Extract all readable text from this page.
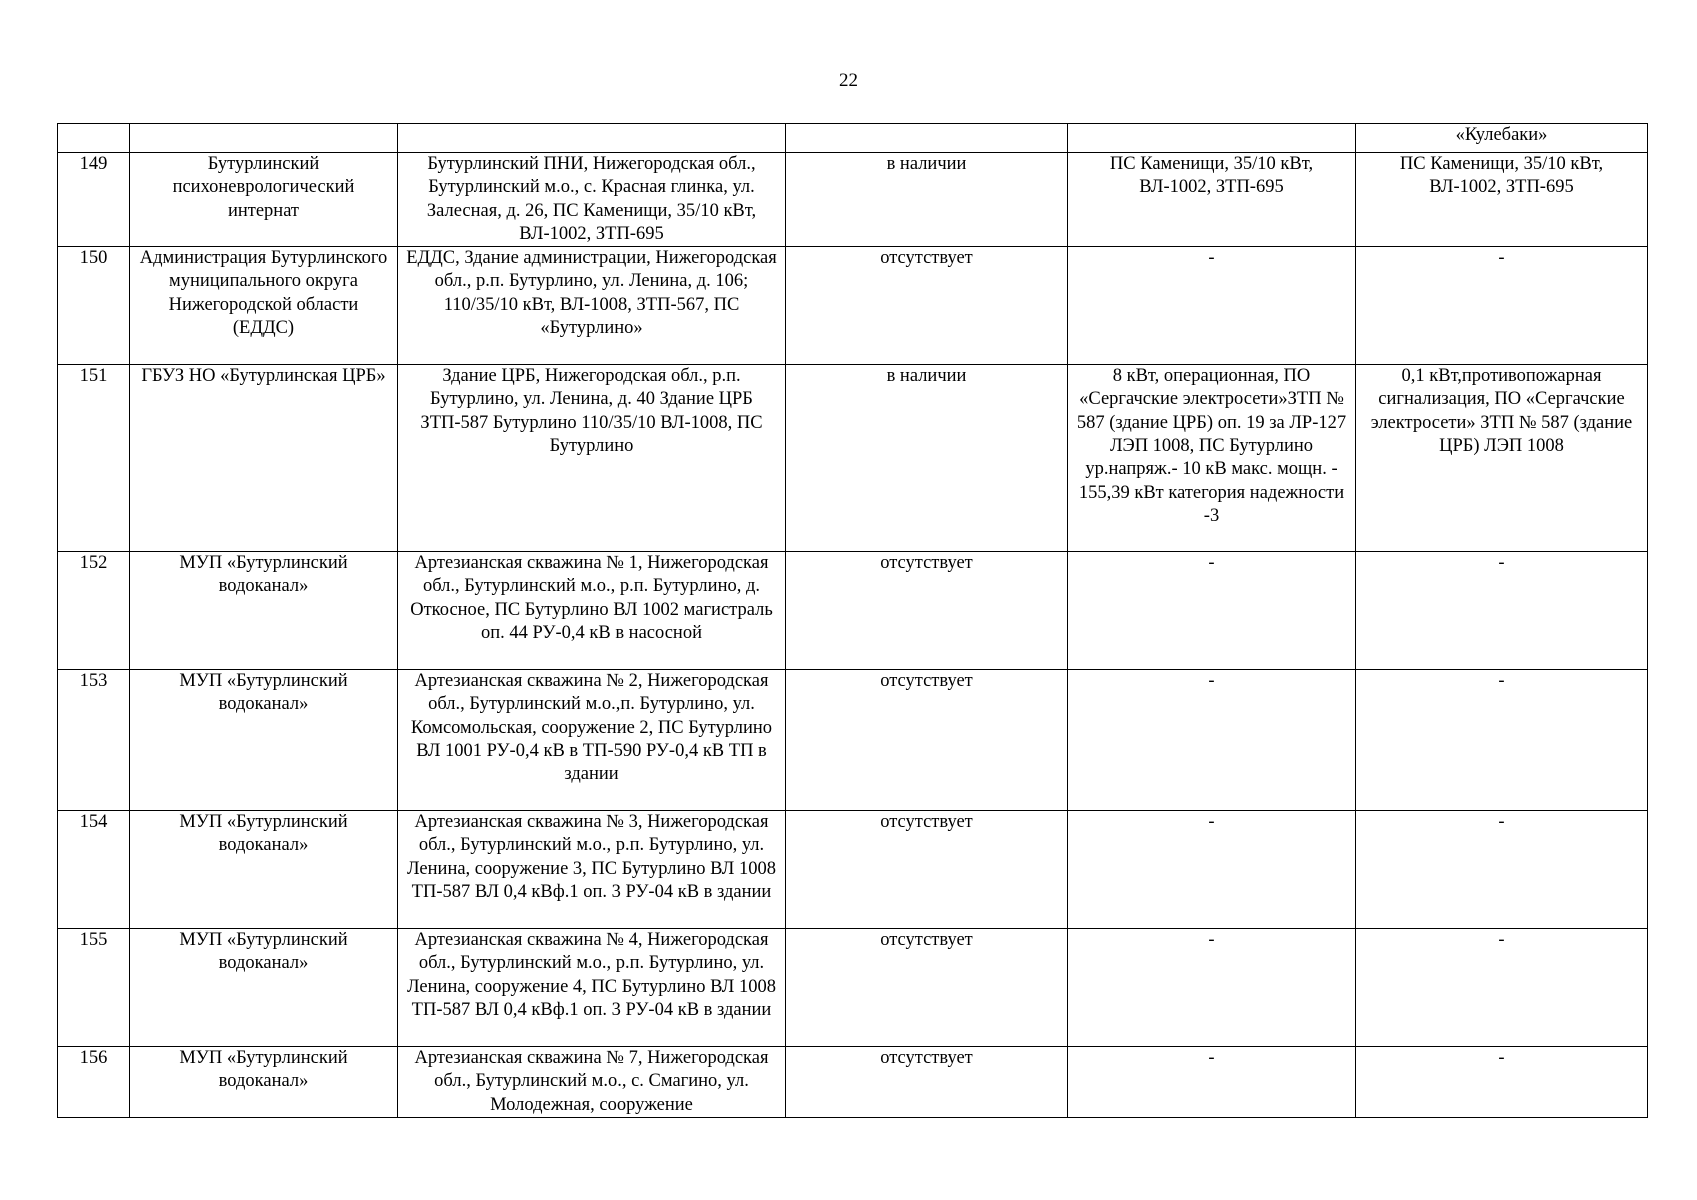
22
					«Кулебаки»
149	Бутурлинский психоневрологический интернат	Бутурлинский ПНИ, Нижегородская обл., Бутурлинский м.о., с. Красная глинка, ул. Залесная, д. 26, ПС Каменищи, 35/10 кВт, ВЛ-1002, ЗТП-695	в наличии	ПС Каменищи, 35/10 кВт, ВЛ-1002, ЗТП-695	ПС Каменищи, 35/10 кВт, ВЛ-1002, ЗТП-695
150	Администрация Бутурлинского муниципального округа Нижегородской области (ЕДДС)	ЕДДС, Здание администрации, Нижегородская обл., р.п. Бутурлино, ул. Ленина, д. 106; 110/35/10 кВт, ВЛ-1008, ЗТП-567, ПС «Бутурлино»	отсутствует	-	-
151	ГБУЗ НО «Бутурлинская ЦРБ»	Здание ЦРБ, Нижегородская обл., р.п. Бутурлино, ул. Ленина, д. 40 Здание ЦРБ ЗТП-587 Бутурлино 110/35/10 ВЛ-1008, ПС Бутурлино	в наличии	8 кВт, операционная, ПО «Сергачские электросети»ЗТП № 587 (здание ЦРБ) оп. 19 за ЛР-127 ЛЭП 1008, ПС Бутурлино ур.напряж.- 10 кВ макс. мощн. - 155,39 кВт категория надежности -3	0,1 кВт,противопожарная сигнализация, ПО «Сергачские электросети» ЗТП № 587 (здание ЦРБ) ЛЭП 1008
152	МУП «Бутурлинский водоканал»	Артезианская скважина № 1, Нижегородская обл., Бутурлинский м.о., р.п. Бутурлино, д. Откосное, ПС Бутурлино ВЛ 1002 магистраль оп. 44 РУ-0,4 кВ в насосной	отсутствует	-	-
153	МУП «Бутурлинский водоканал»	Артезианская скважина № 2, Нижегородская обл., Бутурлинский м.о.,п. Бутурлино, ул. Комсомольская, сооружение 2, ПС Бутурлино ВЛ 1001 РУ-0,4 кВ в ТП-590 РУ-0,4 кВ ТП в здании	отсутствует	-	-
154	МУП «Бутурлинский водоканал»	Артезианская скважина № 3, Нижегородская обл., Бутурлинский м.о., р.п. Бутурлино, ул. Ленина, сооружение 3, ПС Бутурлино ВЛ 1008 ТП-587 ВЛ 0,4 кВф.1 оп. 3 РУ-04 кВ в здании	отсутствует	-	-
155	МУП «Бутурлинский водоканал»	Артезианская скважина № 4, Нижегородская обл., Бутурлинский м.о., р.п. Бутурлино, ул. Ленина, сооружение 4, ПС Бутурлино ВЛ 1008 ТП-587 ВЛ 0,4 кВф.1 оп. 3 РУ-04 кВ в здании	отсутствует	-	-
156	МУП «Бутурлинский водоканал»	Артезианская скважина № 7, Нижегородская обл., Бутурлинский м.о., с. Смагино, ул. Молодежная, сооружение	отсутствует	-	-
